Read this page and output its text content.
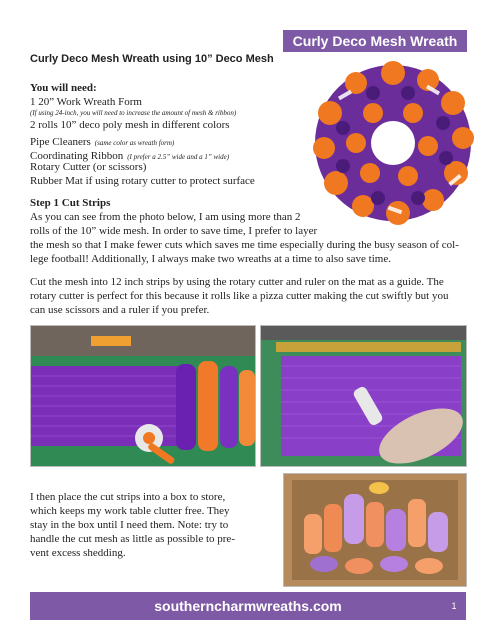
Curly Deco Mesh Wreath
Curly Deco Mesh Wreath using 10” Deco Mesh
You will need:
1 20” Work Wreath Form
(If using 24-inch, you will need to increase the amount of mesh & ribbon)
2 rolls 10” deco poly mesh in different colors
Pipe Cleaners (same color as wreath form)
Coordinating Ribbon (I prefer a 2.5” wide and a 1” wide)
Rotary Cutter (or scissors)
Rubber Mat if using rotary cutter to protect surface
Step 1 Cut Strips
As you can see from the photo below, I am using more than 2
rolls of the 10” wide mesh. In order to save time, I prefer to layer
the mesh so that I make fewer cuts which saves me time especially during the busy season of col-
lege football! Additionally, I always make two wreaths at a time to also save time.
Cut the mesh into 12 inch strips by using the rotary cutter and ruler on the mat as a guide. The
rotary cutter is perfect for this because it rolls like a pizza cutter making the cut swiftly but you
can use scissors and a ruler if you prefer.
I then place the cut strips into a box to store,
which keeps my work table clutter free. They
stay in the box until I need them. Note: try to
handle the cut mesh as little as possible to pre-
vent excess shedding.
southerncharmwreaths.com	1
